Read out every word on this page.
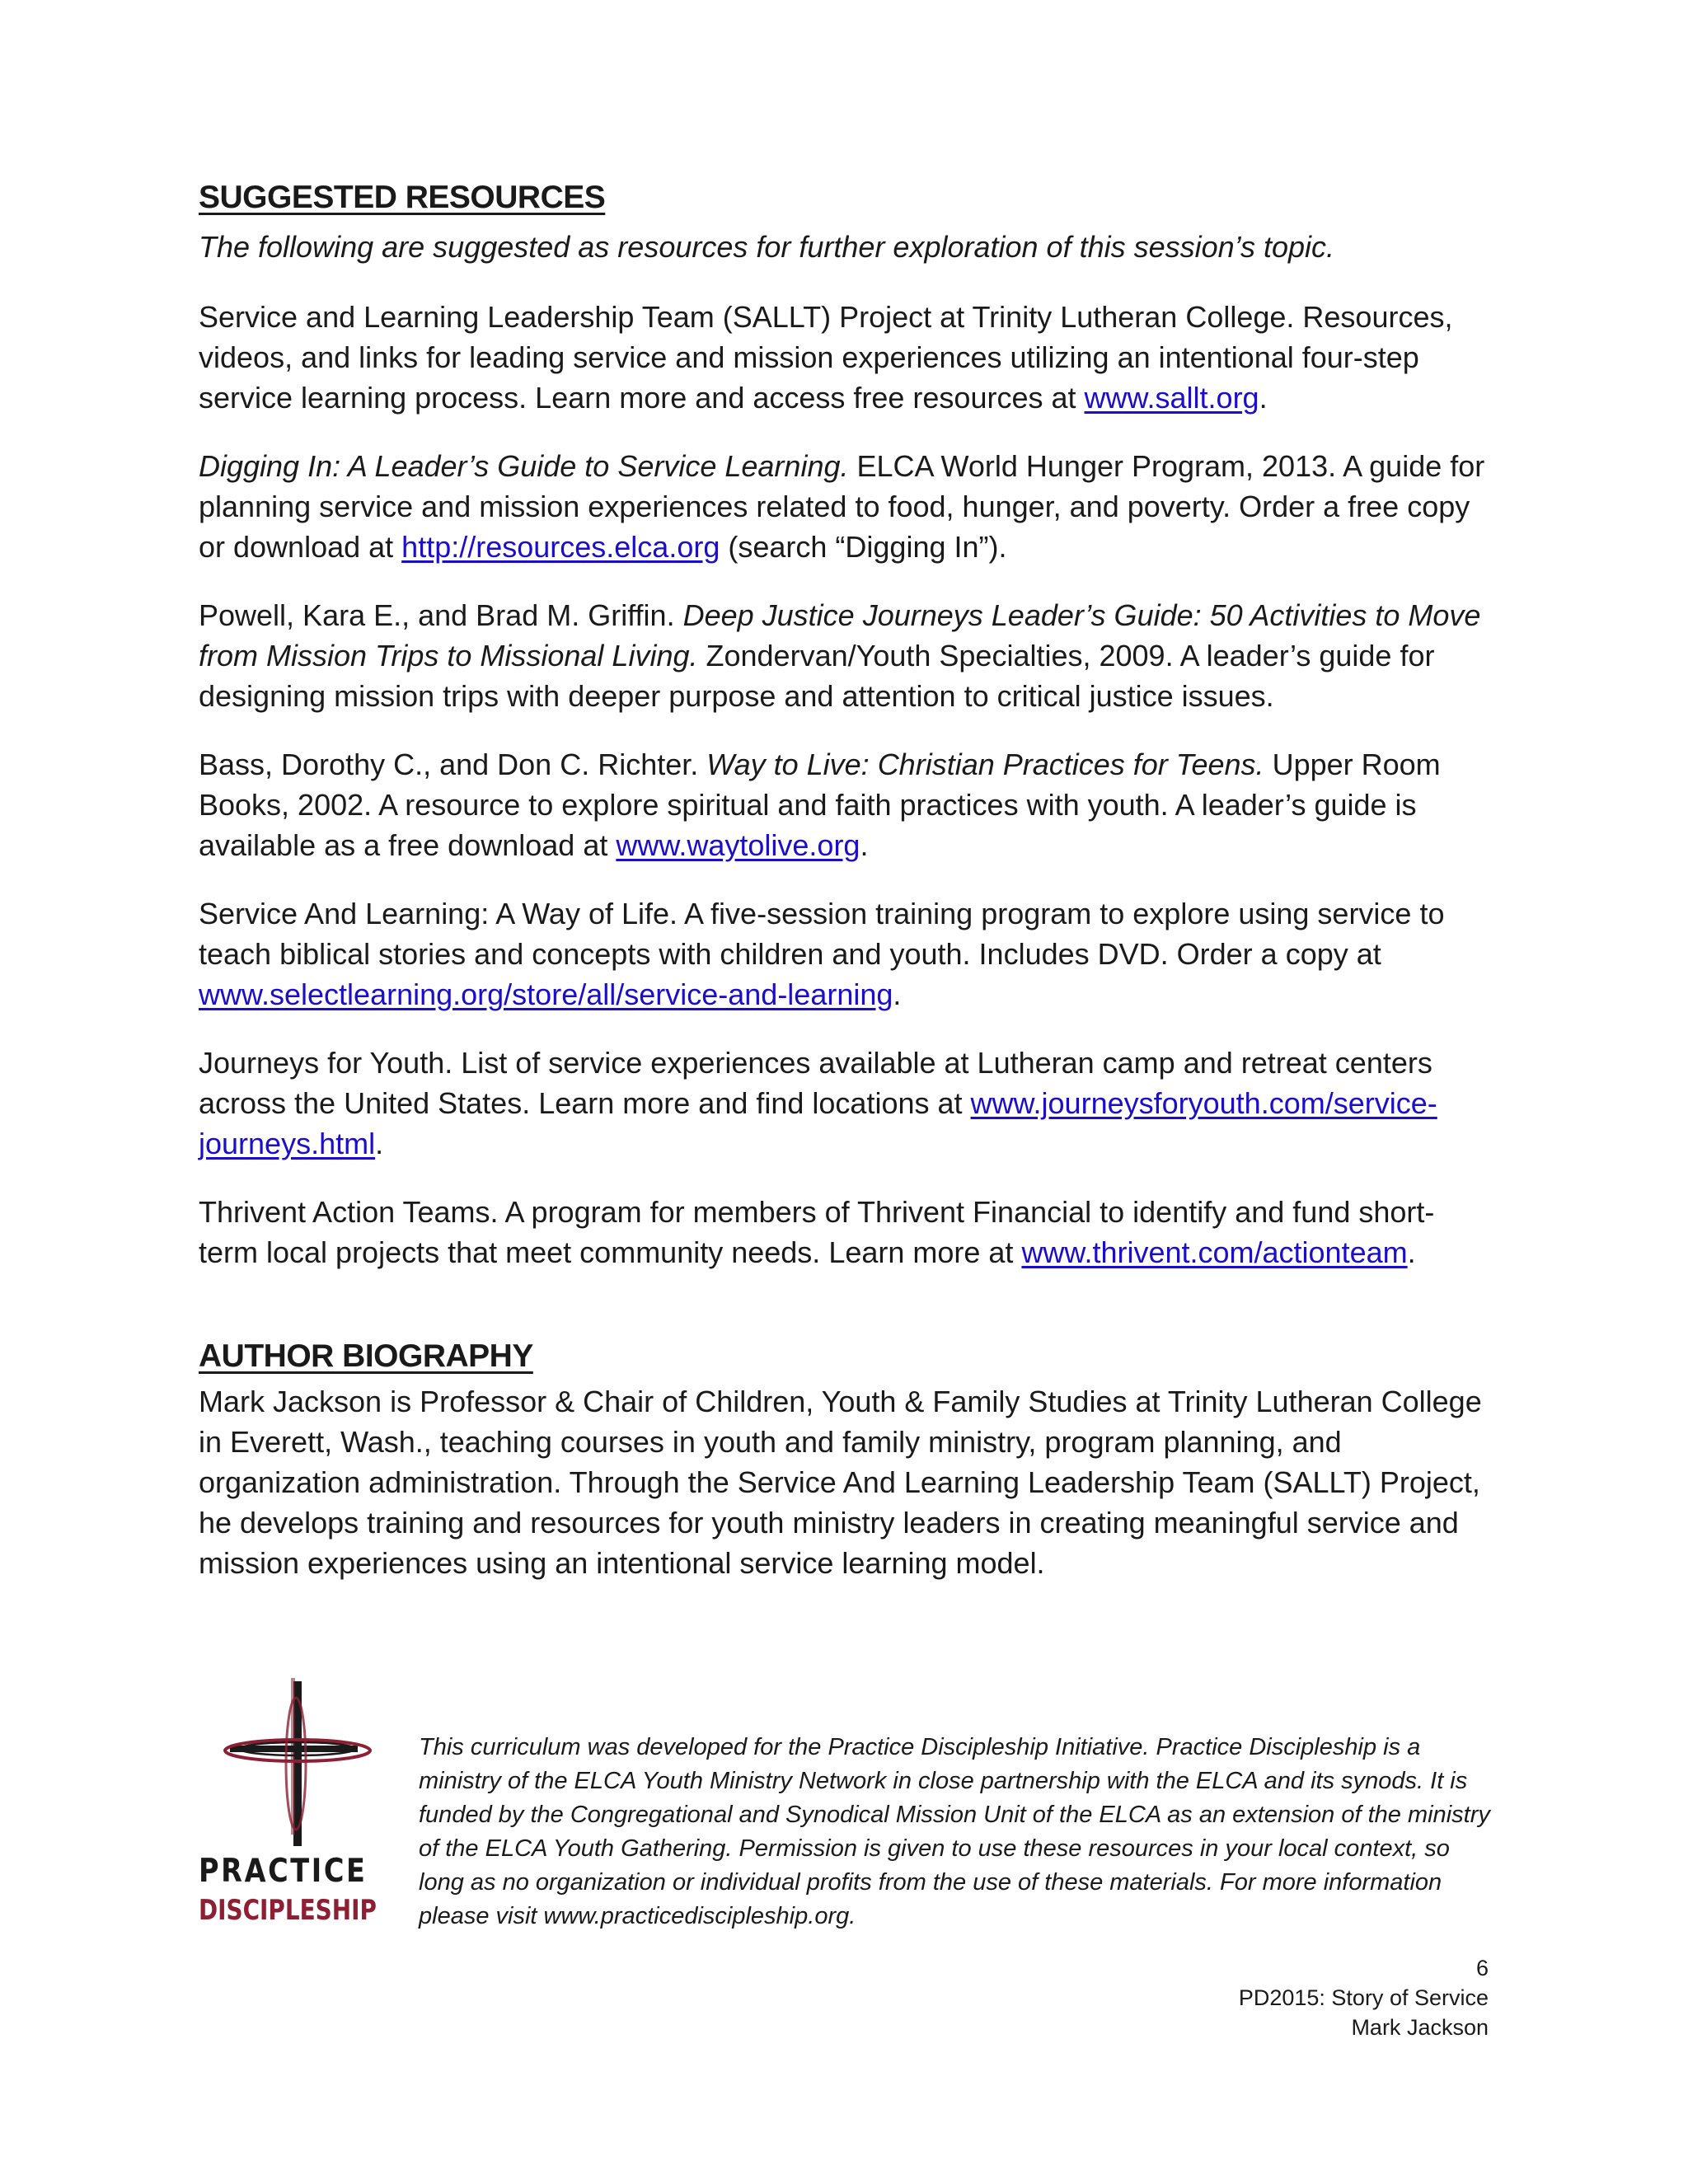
SUGGESTED RESOURCES

The following are suggested as resources for further exploration of this session’s topic.

Service and Learning Leadership Team (SALLT) Project at Trinity Lutheran College. Resources, videos, and links for leading service and mission experiences utilizing an intentional four-step service learning process. Learn more and access free resources at www.sallt.org.

Digging In: A Leader’s Guide to Service Learning. ELCA World Hunger Program, 2013. A guide for planning service and mission experiences related to food, hunger, and poverty. Order a free copy or download at http://resources.elca.org (search “Digging In”).

Powell, Kara E., and Brad M. Griffin. Deep Justice Journeys Leader’s Guide: 50 Activities to Move from Mission Trips to Missional Living. Zondervan/Youth Specialties, 2009. A leader’s guide for designing mission trips with deeper purpose and attention to critical justice issues.

Bass, Dorothy C., and Don C. Richter. Way to Live: Christian Practices for Teens. Upper Room Books, 2002. A resource to explore spiritual and faith practices with youth. A leader’s guide is available as a free download at www.waytolive.org.

Service And Learning: A Way of Life. A five-session training program to explore using service to teach biblical stories and concepts with children and youth. Includes DVD. Order a copy at www.selectlearning.org/store/all/service-and-learning.

Journeys for Youth. List of service experiences available at Lutheran camp and retreat centers across the United States. Learn more and find locations at www.journeysforyouth.com/service-journeys.html.

Thrivent Action Teams. A program for members of Thrivent Financial to identify and fund short-term local projects that meet community needs. Learn more at www.thrivent.com/actionteam.

AUTHOR BIOGRAPHY

Mark Jackson is Professor & Chair of Children, Youth & Family Studies at Trinity Lutheran College in Everett, Wash., teaching courses in youth and family ministry, program planning, and organization administration. Through the Service And Learning Leadership Team (SALLT) Project, he develops training and resources for youth ministry leaders in creating meaningful service and mission experiences using an intentional service learning model.

PRACTICE
DISCIPLESHIP
This curriculum was developed for the Practice Discipleship Initiative. Practice Discipleship is a ministry of the ELCA Youth Ministry Network in close partnership with the ELCA and its synods. It is funded by the Congregational and Synodical Mission Unit of the ELCA as an extension of the ministry of the ELCA Youth Gathering. Permission is given to use these resources in your local context, so long as no organization or individual profits from the use of these materials. For more information please visit www.practicediscipleship.org.
6
PD2015: Story of Service
Mark Jackson
